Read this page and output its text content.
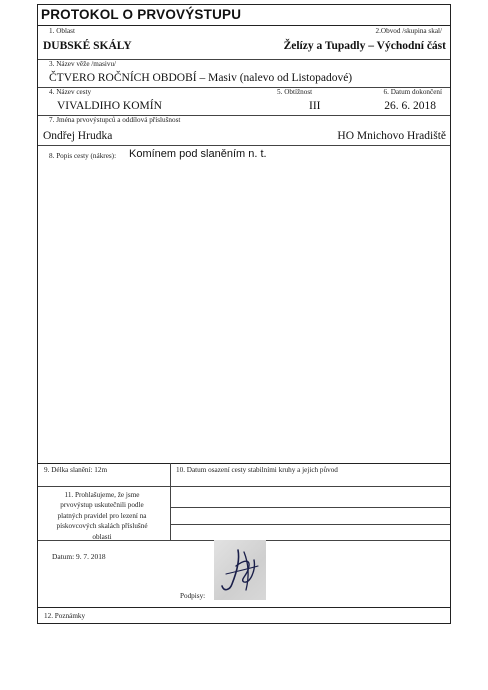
PROTOKOL O PRVOVÝSTUPU
1. Oblast	2.Obvod /skupina skal/
DUBSKÉ SKÁLY	Želízy a Tupadly – Východní část
3. Název věže /masivu/
ČTVERO ROČNÍCH OBDOBÍ – Masiv (nalevo od Listopadové)
4. Název cesty	5. Obtížnost	6. Datum dokončení
VIVALDIHO KOMÍN	III	26. 6. 2018
7. Jména prvovýstupců a oddílová příslušnost
Ondřej Hrudka	HO Mnichovo Hradiště
8. Popis cesty (nákres): Komínem pod slaněním n. t.
9. Délka slanění: 12m	10. Datum osazení cesty stabilními kruhy a jejich původ
11. Prohlašujeme, že jsme
prvovýstup uskutečnili podle
platných pravidel pro lezení na
pískovcových skalách příslušné
oblasti
Datum: 9. 7. 2018
Podpisy:
12. Poznámky
